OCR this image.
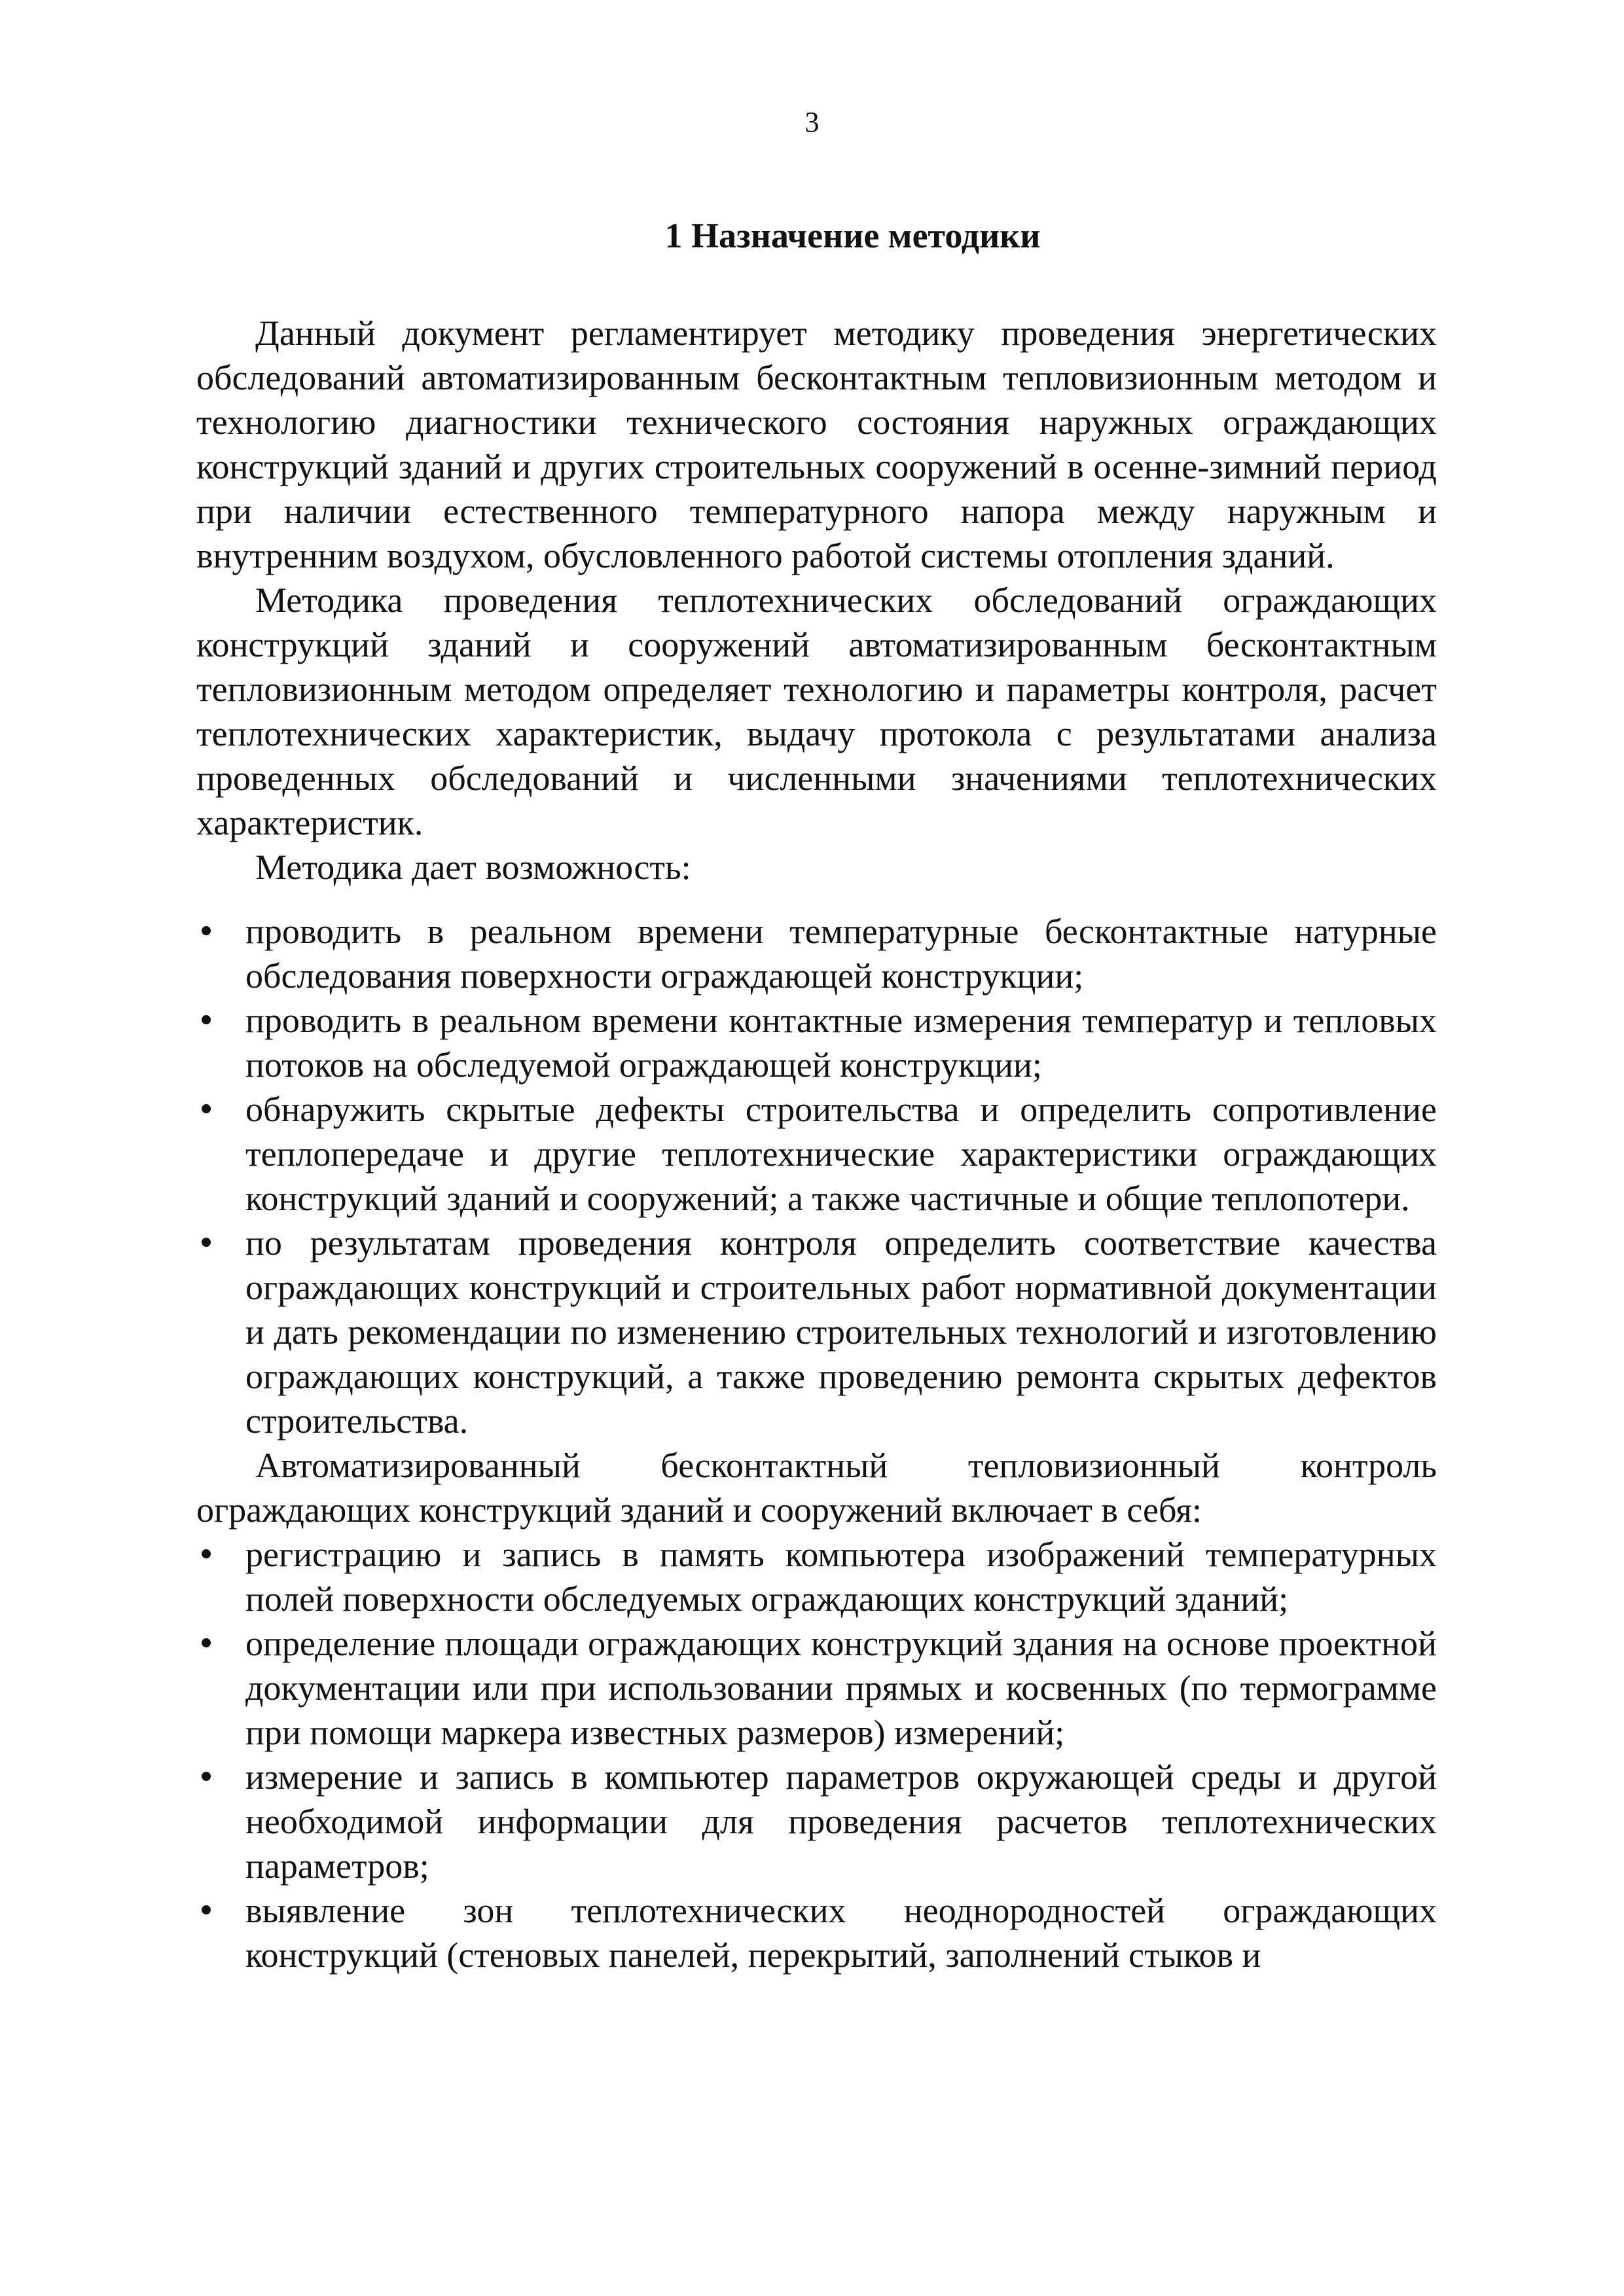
3
1 Назначение методики

Данный документ регламентирует методику проведения энергетических обследований автоматизированным бесконтактным тепловизионным методом и технологию диагностики технического состояния наружных ограждающих конструкций зданий и других строительных сооружений в осенне-зимний период при наличии естественного температурного напора между наружным и внутренним воздухом, обусловленного работой системы отопления зданий.

Методика проведения теплотехнических обследований ограждающих конструкций зданий и сооружений автоматизированным бесконтактным тепловизионным методом определяет технологию и параметры контроля, расчет теплотехнических характеристик, выдачу протокола с результатами анализа проведенных обследований и численными значениями теплотехнических характеристик.

Методика дает возможность:

проводить в реальном времени температурные бесконтактные натурные обследования поверхности ограждающей конструкции;
проводить в реальном времени контактные измерения температур и тепловых потоков на обследуемой ограждающей конструкции;
обнаружить скрытые дефекты строительства и определить сопротивление теплопередаче и другие теплотехнические характеристики ограждающих конструкций зданий и сооружений; а также частичные и общие теплопотери.
по результатам проведения контроля определить соответствие качества ограждающих конструкций и строительных работ нормативной документации и дать рекомендации по изменению строительных технологий и изготовлению ограждающих конструкций, а также проведению ремонта скрытых дефектов строительства.

Автоматизированный бесконтактный тепловизионный контроль ограждающих конструкций зданий и сооружений включает в себя:

регистрацию и запись в память компьютера изображений температурных полей поверхности обследуемых ограждающих конструкций зданий;
определение площади ограждающих конструкций здания на основе проектной документации или при использовании прямых и косвенных (по термограмме при помощи маркера известных размеров) измерений;
измерение и запись в компьютер параметров окружающей среды и другой необходимой информации для проведения расчетов теплотехнических параметров;
выявление зон теплотехнических неоднородностей ограждающих конструкций (стеновых панелей, перекрытий, заполнений стыков и
